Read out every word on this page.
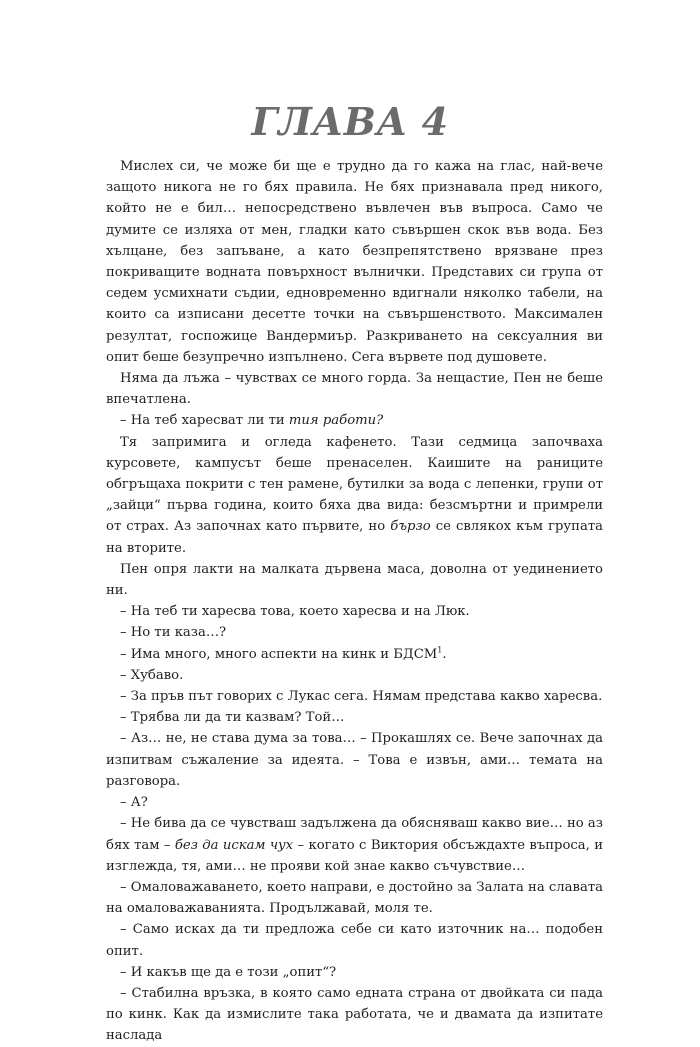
ГЛАВА 4

Мислех си, че може би ще е трудно да го кажа на глас, най-вече защото никога не го бях правила. Не бях признавала пред никого, който не е бил… непосредствено въвлечен във въпроса. Само че думите се изляха от мен, гладки като съвършен скок във вода. Без хълцане, без запъване, а като безпрепятствено врязване през покриващите водната повърхност вълнички. Представих си група от седем усмихнати съдии, едновременно вдигнали няколко табели, на които са изписани десетте точки на съвършенството. Максимален резултат, госпожице Вандермиър. Разкриването на сексуалния ви опит беше безупречно изпълнено. Сега вървете под душовете.

Няма да лъжа – чувствах се много горда. За нещастие, Пен не беше впечатлена.

– На теб харесват ли ти тия работи?

Тя запримига и огледа кафенето. Тази седмица започваха курсовете, кампусът беше пренаселен. Каишите на раниците обгръщаха покрити с тен рамене, бутилки за вода с лепенки, групи от „зайци“ първа година, които бяха два вида: безсмъртни и примрели от страх. Аз започнах като първите, но бързо се свлякох към групата на вторите.

Пен опря лакти на малката дървена маса, доволна от уединението ни.

– На теб ти харесва това, което харесва и на Люк.

– Но ти каза…?

– Има много, много аспекти на кинк и БДСМ$^1$.

– Хубаво.

– За пръв път говорих с Лукас сега. Нямам представа какво харесва.

– Трябва ли да ти казвам? Той…

– Аз… не, не става дума за това… – Прокашлях се. Вече започнах да изпитвам съжаление за идеята. – Това е извън, ами… темата на разговора.

– А?

– Не бива да се чувстваш задължена да обясняваш какво вие… но аз бях там – без да искам чух – когато с Виктория обсъждахте въпроса, и изглежда, тя, ами… не прояви кой знае какво съчувствие…

– Омаловажаването, което направи, е достойно за Залата на славата на омаловажаванията. Продължавай, моля те.

– Само исках да ти предложа себе си като източник на… подобен опит.

– И какъв ще да е този „опит“?

– Стабилна връзка, в която само едната страна от двойката си пада по кинк. Как да измислите така работата, че и двамата да изпитате наслада
